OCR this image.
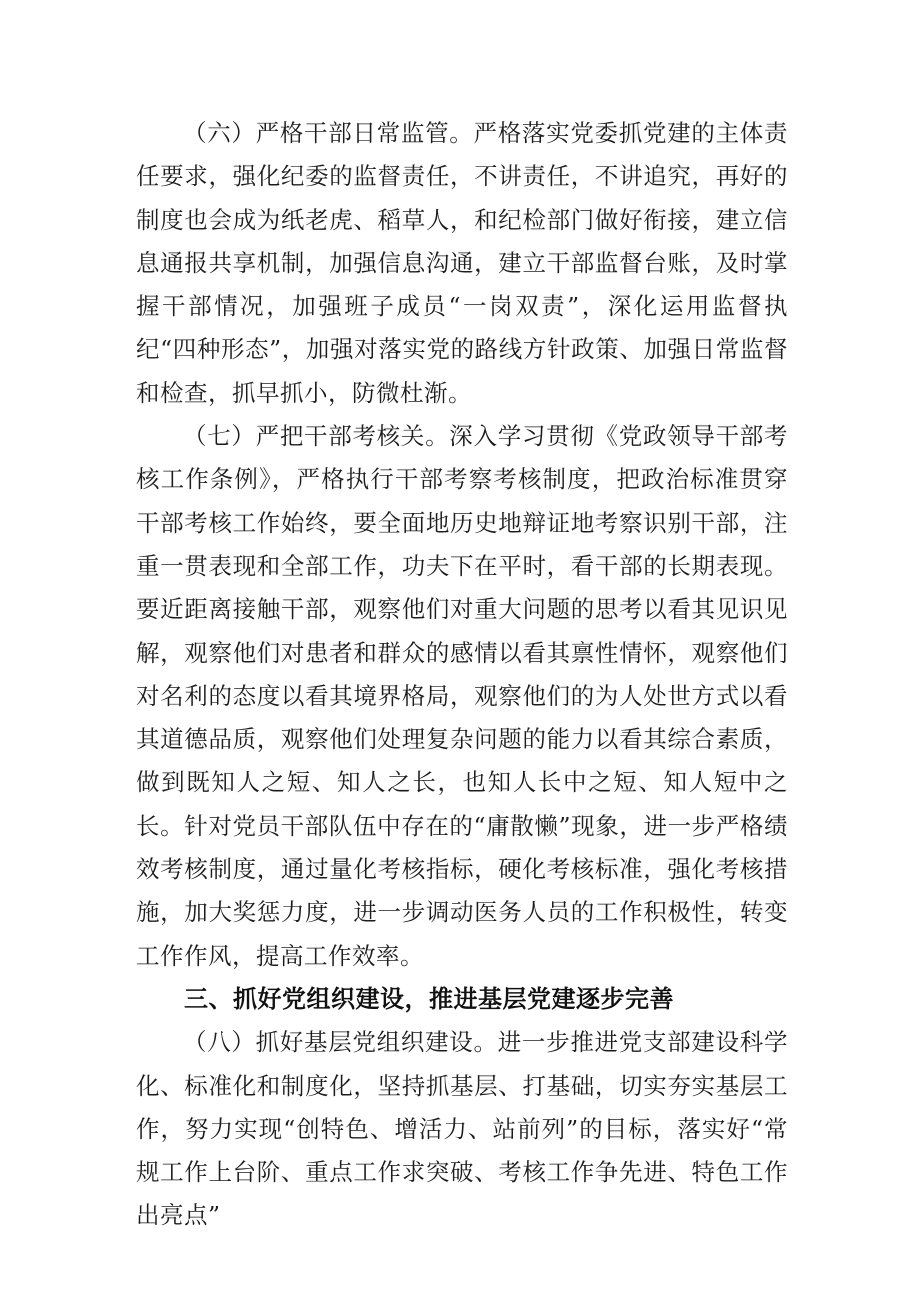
（六）严格干部日常监管。严格落实党委抓党建的主体责任要求，强化纪委的监督责任，不讲责任，不讲追究，再好的制度也会成为纸老虎、稻草人，和纪检部门做好衔接，建立信息通报共享机制，加强信息沟通，建立干部监督台账，及时掌握干部情况，加强班子成员“一岗双责”，深化运用监督执纪“四种形态”，加强对落实党的路线方针政策、加强日常监督和检查，抓早抓小，防微杜渐。

（七）严把干部考核关。深入学习贯彻《党政领导干部考核工作条例》，严格执行干部考察考核制度，把政治标准贯穿干部考核工作始终，要全面地历史地辩证地考察识别干部，注重一贯表现和全部工作，功夫下在平时，看干部的长期表现。要近距离接触干部，观察他们对重大问题的思考以看其见识见解，观察他们对患者和群众的感情以看其禀性情怀，观察他们对名利的态度以看其境界格局，观察他们的为人处世方式以看其道德品质，观察他们处理复杂问题的能力以看其综合素质，做到既知人之短、知人之长，也知人长中之短、知人短中之长。针对党员干部队伍中存在的“庸散懒”现象，进一步严格绩效考核制度，通过量化考核指标，硬化考核标准，强化考核措施，加大奖惩力度，进一步调动医务人员的工作积极性，转变工作作风，提高工作效率。

三、抓好党组织建设，推进基层党建逐步完善

（八）抓好基层党组织建设。进一步推进党支部建设科学化、标准化和制度化，坚持抓基层、打基础，切实夯实基层工作，努力实现“创特色、增活力、站前列”的目标，落实好“常规工作上台阶、重点工作求突破、考核工作争先进、特色工作出亮点”
